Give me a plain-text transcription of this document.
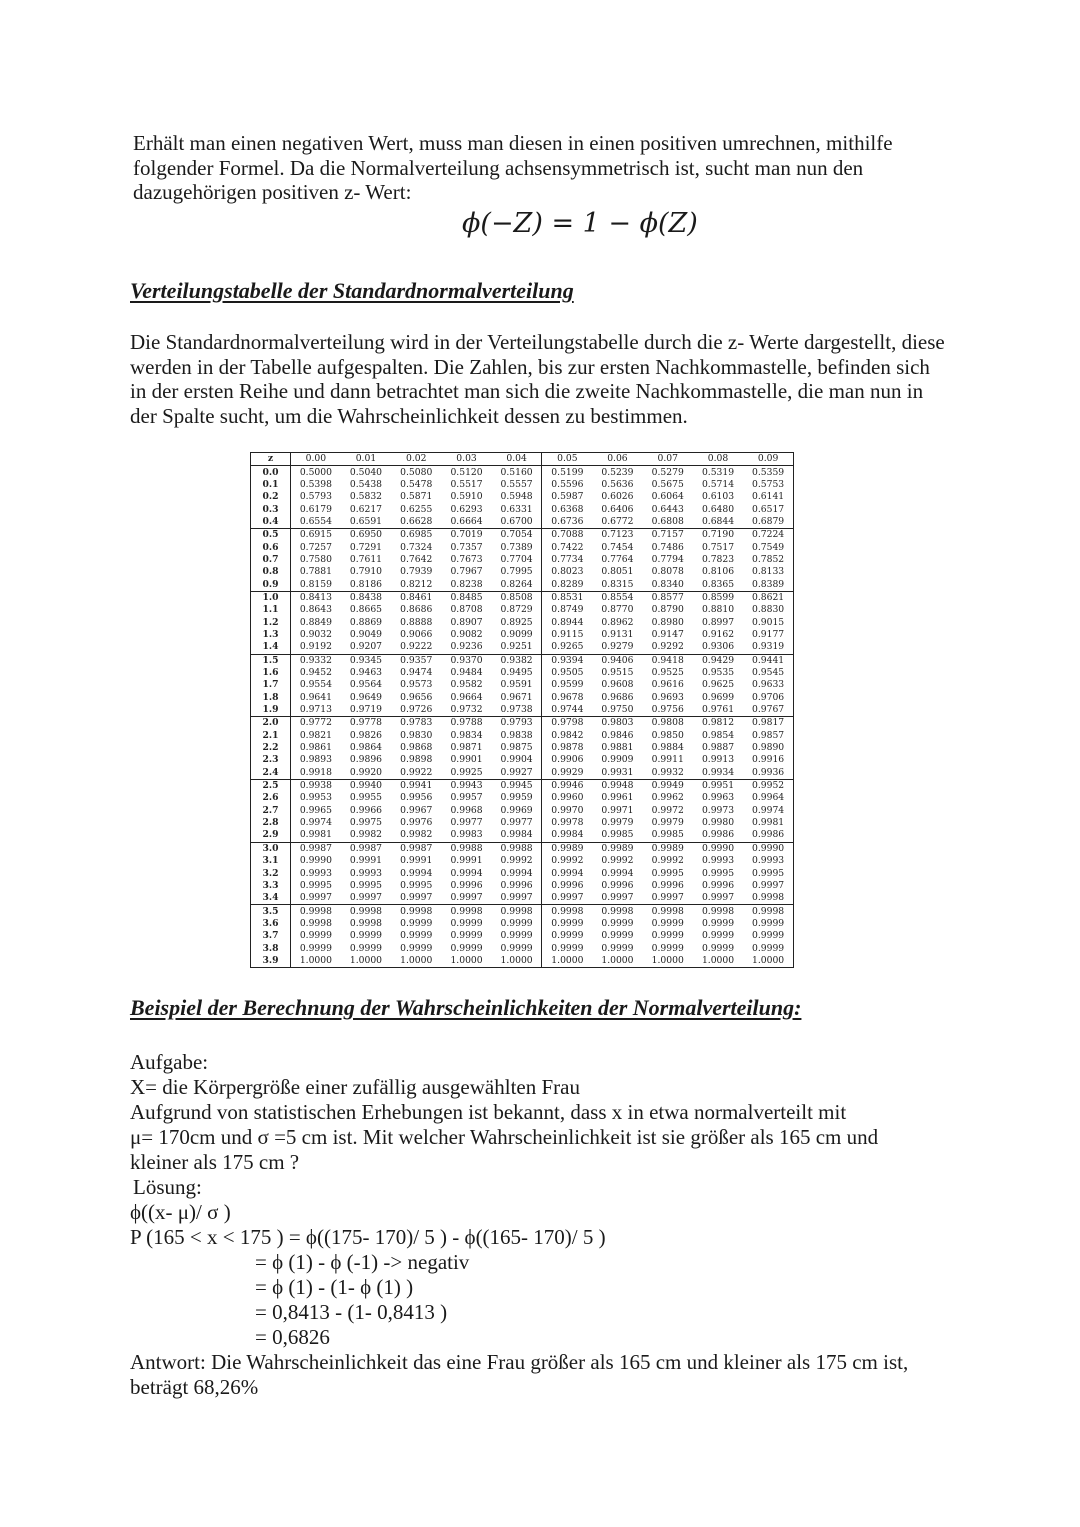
Erhält man einen negativen Wert, muss man diesen in einen positiven umrechnen, mithilfe folgender Formel. Da die Normalverteilung achsensymmetrisch ist, sucht man nun den dazugehörigen positiven z- Wert:

ϕ(−Z) = 1 − ϕ(Z)
Verteilungstabelle der Standardnormalverteilung

Die Standardnormalverteilung wird in der Verteilungstabelle durch die z- Werte dargestellt, diese werden in der Tabelle aufgespalten. Die Zahlen, bis zur ersten Nachkommastelle, befinden sich in der ersten Reihe und dann betrachtet man sich die zweite Nachkommastelle, die man nun in der Spalte sucht, um die Wahrscheinlichkeit dessen zu bestimmen.

z	0.00	0.01	0.02	0.03	0.04	0.05	0.06	0.07	0.08	0.09
0.0	0.5000	0.5040	0.5080	0.5120	0.5160	0.5199	0.5239	0.5279	0.5319	0.5359
0.1	0.5398	0.5438	0.5478	0.5517	0.5557	0.5596	0.5636	0.5675	0.5714	0.5753
0.2	0.5793	0.5832	0.5871	0.5910	0.5948	0.5987	0.6026	0.6064	0.6103	0.6141
0.3	0.6179	0.6217	0.6255	0.6293	0.6331	0.6368	0.6406	0.6443	0.6480	0.6517
0.4	0.6554	0.6591	0.6628	0.6664	0.6700	0.6736	0.6772	0.6808	0.6844	0.6879
0.5	0.6915	0.6950	0.6985	0.7019	0.7054	0.7088	0.7123	0.7157	0.7190	0.7224
0.6	0.7257	0.7291	0.7324	0.7357	0.7389	0.7422	0.7454	0.7486	0.7517	0.7549
0.7	0.7580	0.7611	0.7642	0.7673	0.7704	0.7734	0.7764	0.7794	0.7823	0.7852
0.8	0.7881	0.7910	0.7939	0.7967	0.7995	0.8023	0.8051	0.8078	0.8106	0.8133
0.9	0.8159	0.8186	0.8212	0.8238	0.8264	0.8289	0.8315	0.8340	0.8365	0.8389
1.0	0.8413	0.8438	0.8461	0.8485	0.8508	0.8531	0.8554	0.8577	0.8599	0.8621
1.1	0.8643	0.8665	0.8686	0.8708	0.8729	0.8749	0.8770	0.8790	0.8810	0.8830
1.2	0.8849	0.8869	0.8888	0.8907	0.8925	0.8944	0.8962	0.8980	0.8997	0.9015
1.3	0.9032	0.9049	0.9066	0.9082	0.9099	0.9115	0.9131	0.9147	0.9162	0.9177
1.4	0.9192	0.9207	0.9222	0.9236	0.9251	0.9265	0.9279	0.9292	0.9306	0.9319
1.5	0.9332	0.9345	0.9357	0.9370	0.9382	0.9394	0.9406	0.9418	0.9429	0.9441
1.6	0.9452	0.9463	0.9474	0.9484	0.9495	0.9505	0.9515	0.9525	0.9535	0.9545
1.7	0.9554	0.9564	0.9573	0.9582	0.9591	0.9599	0.9608	0.9616	0.9625	0.9633
1.8	0.9641	0.9649	0.9656	0.9664	0.9671	0.9678	0.9686	0.9693	0.9699	0.9706
1.9	0.9713	0.9719	0.9726	0.9732	0.9738	0.9744	0.9750	0.9756	0.9761	0.9767
2.0	0.9772	0.9778	0.9783	0.9788	0.9793	0.9798	0.9803	0.9808	0.9812	0.9817
2.1	0.9821	0.9826	0.9830	0.9834	0.9838	0.9842	0.9846	0.9850	0.9854	0.9857
2.2	0.9861	0.9864	0.9868	0.9871	0.9875	0.9878	0.9881	0.9884	0.9887	0.9890
2.3	0.9893	0.9896	0.9898	0.9901	0.9904	0.9906	0.9909	0.9911	0.9913	0.9916
2.4	0.9918	0.9920	0.9922	0.9925	0.9927	0.9929	0.9931	0.9932	0.9934	0.9936
2.5	0.9938	0.9940	0.9941	0.9943	0.9945	0.9946	0.9948	0.9949	0.9951	0.9952
2.6	0.9953	0.9955	0.9956	0.9957	0.9959	0.9960	0.9961	0.9962	0.9963	0.9964
2.7	0.9965	0.9966	0.9967	0.9968	0.9969	0.9970	0.9971	0.9972	0.9973	0.9974
2.8	0.9974	0.9975	0.9976	0.9977	0.9977	0.9978	0.9979	0.9979	0.9980	0.9981
2.9	0.9981	0.9982	0.9982	0.9983	0.9984	0.9984	0.9985	0.9985	0.9986	0.9986
3.0	0.9987	0.9987	0.9987	0.9988	0.9988	0.9989	0.9989	0.9989	0.9990	0.9990
3.1	0.9990	0.9991	0.9991	0.9991	0.9992	0.9992	0.9992	0.9992	0.9993	0.9993
3.2	0.9993	0.9993	0.9994	0.9994	0.9994	0.9994	0.9994	0.9995	0.9995	0.9995
3.3	0.9995	0.9995	0.9995	0.9996	0.9996	0.9996	0.9996	0.9996	0.9996	0.9997
3.4	0.9997	0.9997	0.9997	0.9997	0.9997	0.9997	0.9997	0.9997	0.9997	0.9998
3.5	0.9998	0.9998	0.9998	0.9998	0.9998	0.9998	0.9998	0.9998	0.9998	0.9998
3.6	0.9998	0.9998	0.9999	0.9999	0.9999	0.9999	0.9999	0.9999	0.9999	0.9999
3.7	0.9999	0.9999	0.9999	0.9999	0.9999	0.9999	0.9999	0.9999	0.9999	0.9999
3.8	0.9999	0.9999	0.9999	0.9999	0.9999	0.9999	0.9999	0.9999	0.9999	0.9999
3.9	1.0000	1.0000	1.0000	1.0000	1.0000	1.0000	1.0000	1.0000	1.0000	1.0000
Beispiel der Berechnung der Wahrscheinlichkeiten der Normalverteilung:

Aufgabe:

X= die Körpergröße einer zufällig ausgewählten Frau

Aufgrund von statistischen Erhebungen ist bekannt, dass x in etwa normalverteilt mit

μ= 170cm und σ =5 cm ist. Mit welcher Wahrscheinlichkeit ist sie größer als 165 cm und

kleiner als 175 cm ?

Lösung:

ϕ((x- μ)/ σ )

P (165 < x < 175 ) = ϕ((175- 170)/ 5 ) - ϕ((165- 170)/ 5 )

= ϕ (1) - ϕ (-1) -> negativ

= ϕ (1) - (1- ϕ (1) )

= 0,8413 - (1- 0,8413 )

= 0,6826

Antwort: Die Wahrscheinlichkeit das eine Frau größer als 165 cm und kleiner als 175 cm ist, beträgt 68,26%
